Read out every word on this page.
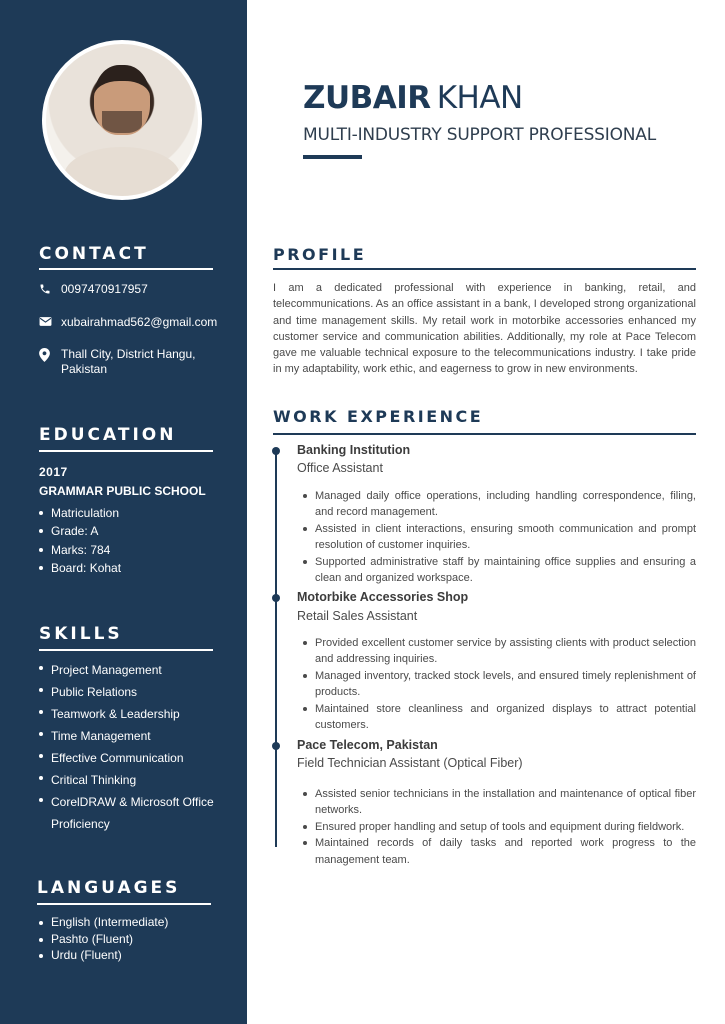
CONTACT
0097470917957
xubairahmad562@gmail.com
Thall City, District Hangu, Pakistan
EDUCATION
2017
GRAMMAR PUBLIC SCHOOL
Matriculation
Grade: A
Marks: 784
Board: Kohat
SKILLS
Project Management
Public Relations
Teamwork & Leadership
Time Management
Effective Communication
Critical Thinking
CorelDRAW & Microsoft Office Proficiency
LANGUAGES
English (Intermediate)
Pashto (Fluent)
Urdu (Fluent)
ZUBAIR KHAN
MULTI-INDUSTRY SUPPORT PROFESSIONAL
PROFILE
I am a dedicated professional with experience in banking, retail, and telecommunications. As an office assistant in a bank, I developed strong organizational and time management skills. My retail work in motorbike accessories enhanced my customer service and communication abilities. Additionally, my role at Pace Telecom gave me valuable technical exposure to the telecommunications industry. I take pride in my adaptability, work ethic, and eagerness to grow in new environments.
WORK EXPERIENCE
Banking Institution
Office Assistant
Managed daily office operations, including handling correspondence, filing, and record management.
Assisted in client interactions, ensuring smooth communication and prompt resolution of customer inquiries.
Supported administrative staff by maintaining office supplies and ensuring a clean and organized workspace.
Motorbike Accessories Shop
Retail Sales Assistant
Provided excellent customer service by assisting clients with product selection and addressing inquiries.
Managed inventory, tracked stock levels, and ensured timely replenishment of products.
Maintained store cleanliness and organized displays to attract potential customers.
Pace Telecom, Pakistan
Field Technician Assistant (Optical Fiber)
Assisted senior technicians in the installation and maintenance of optical fiber networks.
Ensured proper handling and setup of tools and equipment during fieldwork.
Maintained records of daily tasks and reported work progress to the management team.
